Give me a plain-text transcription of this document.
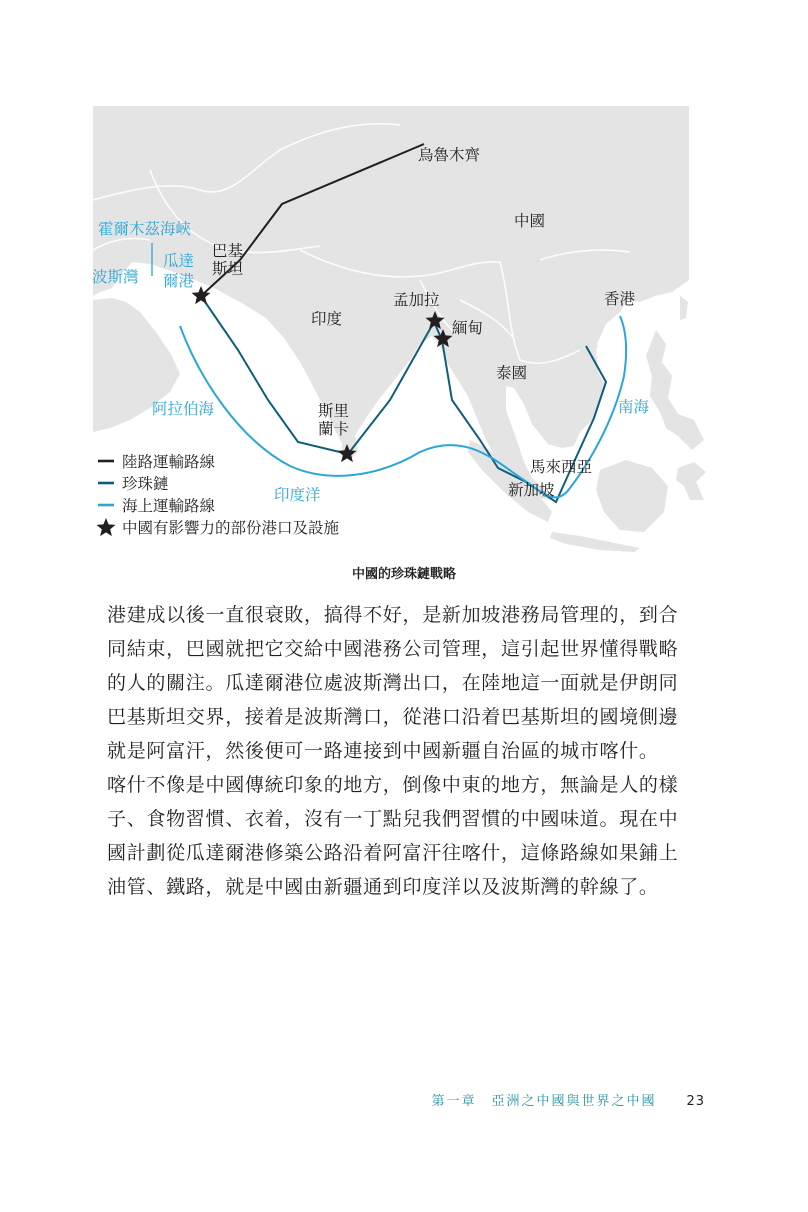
烏魯木齊
中國
巴基
斯坦
印度
孟加拉
緬甸
香港
泰國
斯里
蘭卡
馬來西亞
新加坡
霍爾木茲海峽
瓜達
爾港
波斯灣
阿拉伯海	南海
印度洋
陸路運輸路線
珍珠鏈
海上運輸路線
中國有影響力的部份港口及設施
中國的珍珠鏈戰略

港建成以後一直很衰敗，搞得不好，是新加坡港務局管理的，到合

同結束，巴國就把它交給中國港務公司管理，這引起世界懂得戰略

的人的關注。瓜達爾港位處波斯灣出口，在陸地這一面就是伊朗同

巴基斯坦交界，接着是波斯灣口，從港口沿着巴基斯坦的國境側邊

就是阿富汗，然後便可一路連接到中國新疆自治區的城市喀什。

喀什不像是中國傳統印象的地方，倒像中東的地方，無論是人的樣

子、食物習慣、衣着，沒有一丁點兒我們習慣的中國味道。現在中

國計劃從瓜達爾港修築公路沿着阿富汗往喀什，這條路線如果鋪上

油管、鐵路，就是中國由新疆通到印度洋以及波斯灣的幹線了。

第一章　亞洲之中國與世界之中國 23
